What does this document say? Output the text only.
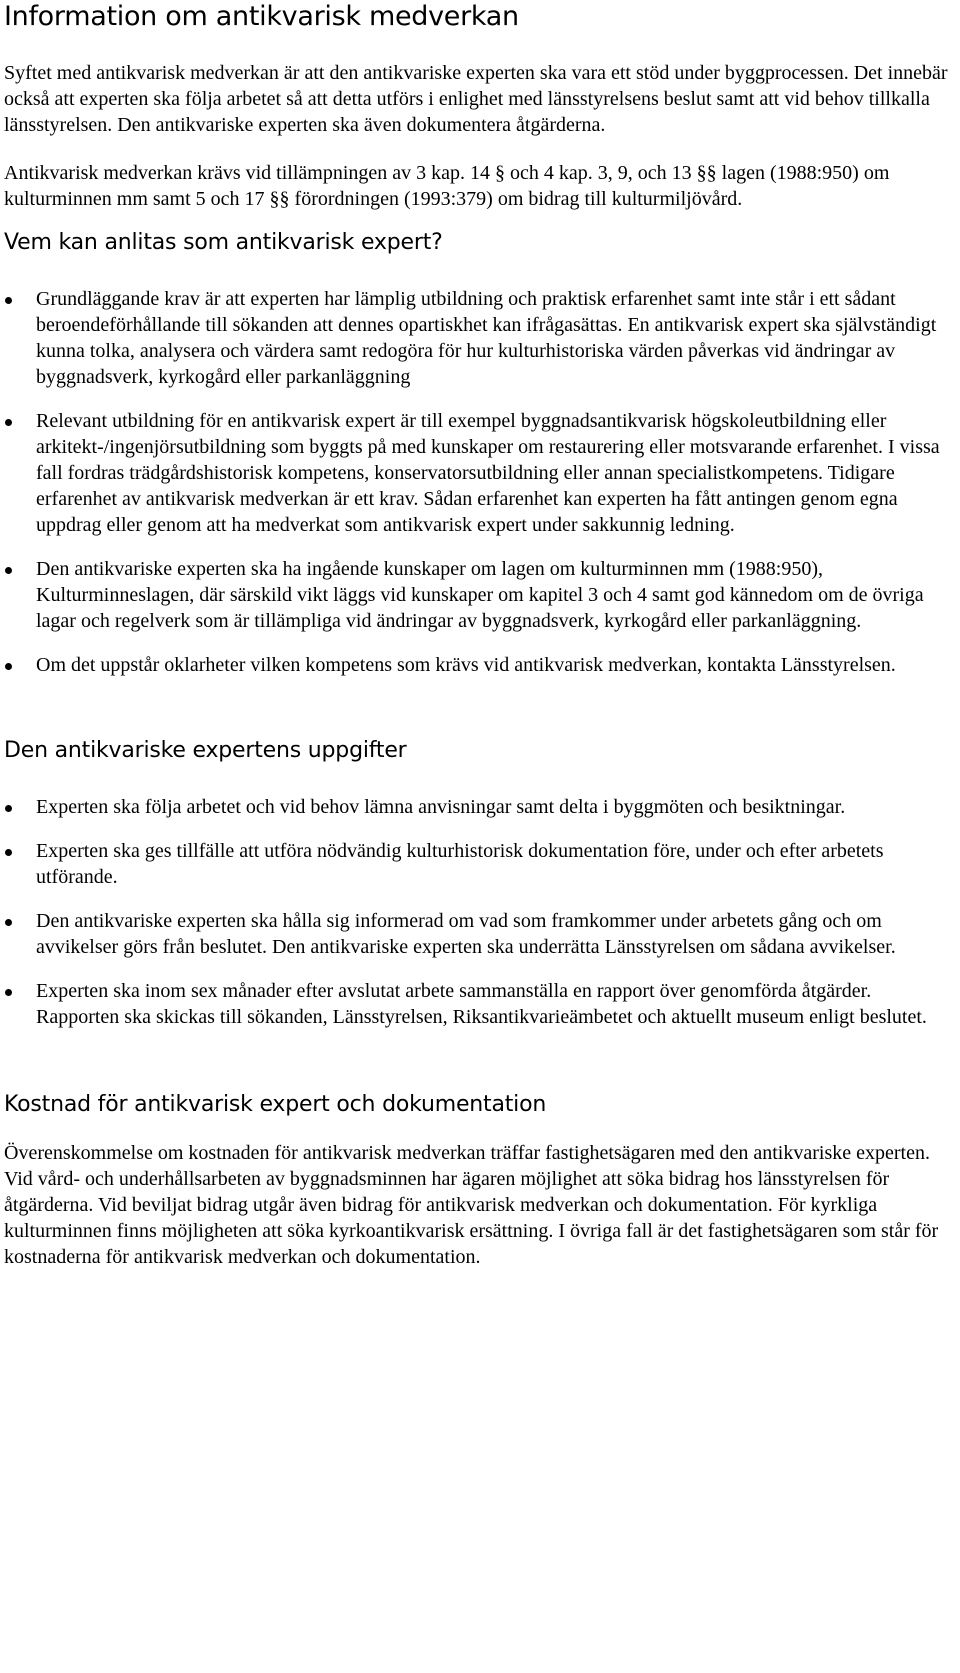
Information om antikvarisk medverkan

Syftet med antikvarisk medverkan är att den antikvariske experten ska vara ett stöd under byggprocessen. Det innebär också att experten ska följa arbetet så att detta utförs i enlighet med länsstyrelsens beslut samt att vid behov tillkalla länsstyrelsen. Den antikvariske experten ska även dokumentera åtgärderna.

Antikvarisk medverkan krävs vid tillämpningen av 3 kap. 14 § och 4 kap. 3, 9, och 13 §§ lagen (1988:950) om kulturminnen mm samt 5 och 17 §§ förordningen (1993:379) om bidrag till kulturmiljövård.

Vem kan anlitas som antikvarisk expert?
Grundläggande krav är att experten har lämplig utbildning och praktisk erfarenhet samt inte står i ett sådant beroendeförhållande till sökanden att dennes opartiskhet kan ifrågasättas. En antikvarisk expert ska självständigt kunna tolka, analysera och värdera samt redogöra för hur kulturhistoriska värden påverkas vid ändringar av byggnadsverk, kyrkogård eller parkanläggning
Relevant utbildning för en antikvarisk expert är till exempel byggnadsantikvarisk högskoleutbildning eller arkitekt-/ingenjörsutbildning som byggts på med kunskaper om restaurering eller motsvarande erfarenhet. I vissa fall fordras trädgårdshistorisk kompetens, konservatorsutbildning eller annan specialistkompetens. Tidigare erfarenhet av antikvarisk medverkan är ett krav. Sådan erfarenhet kan experten ha fått antingen genom egna uppdrag eller genom att ha medverkat som antikvarisk expert under sakkunnig ledning.
Den antikvariske experten ska ha ingående kunskaper om lagen om kulturminnen mm (1988:950), Kulturminneslagen, där särskild vikt läggs vid kunskaper om kapitel 3 och 4 samt god kännedom om de övriga lagar och regelverk som är tillämpliga vid ändringar av byggnadsverk, kyrkogård eller parkanläggning.
Om det uppstår oklarheter vilken kompetens som krävs vid antikvarisk medverkan, kontakta Länsstyrelsen.
Den antikvariske expertens uppgifter
Experten ska följa arbetet och vid behov lämna anvisningar samt delta i byggmöten och besiktningar.
Experten ska ges tillfälle att utföra nödvändig kulturhistorisk dokumentation före, under och efter arbetets utförande.
Den antikvariske experten ska hålla sig informerad om vad som framkommer under arbetets gång och om avvikelser görs från beslutet. Den antikvariske experten ska underrätta Länsstyrelsen om sådana avvikelser.
Experten ska inom sex månader efter avslutat arbete sammanställa en rapport över genomförda åtgärder. Rapporten ska skickas till sökanden, Länsstyrelsen, Riksantikvarieämbetet och aktuellt museum enligt beslutet.
Kostnad för antikvarisk expert och dokumentation

Överenskommelse om kostnaden för antikvarisk medverkan träffar fastighetsägaren med den antikvariske experten. Vid vård- och underhållsarbeten av byggnadsminnen har ägaren möjlighet att söka bidrag hos länsstyrelsen för åtgärderna. Vid beviljat bidrag utgår även bidrag för antikvarisk medverkan och dokumentation. För kyrkliga kulturminnen finns möjligheten att söka kyrkoantikvarisk ersättning. I övriga fall är det fastighetsägaren som står för kostnaderna för antikvarisk medverkan och dokumentation.
